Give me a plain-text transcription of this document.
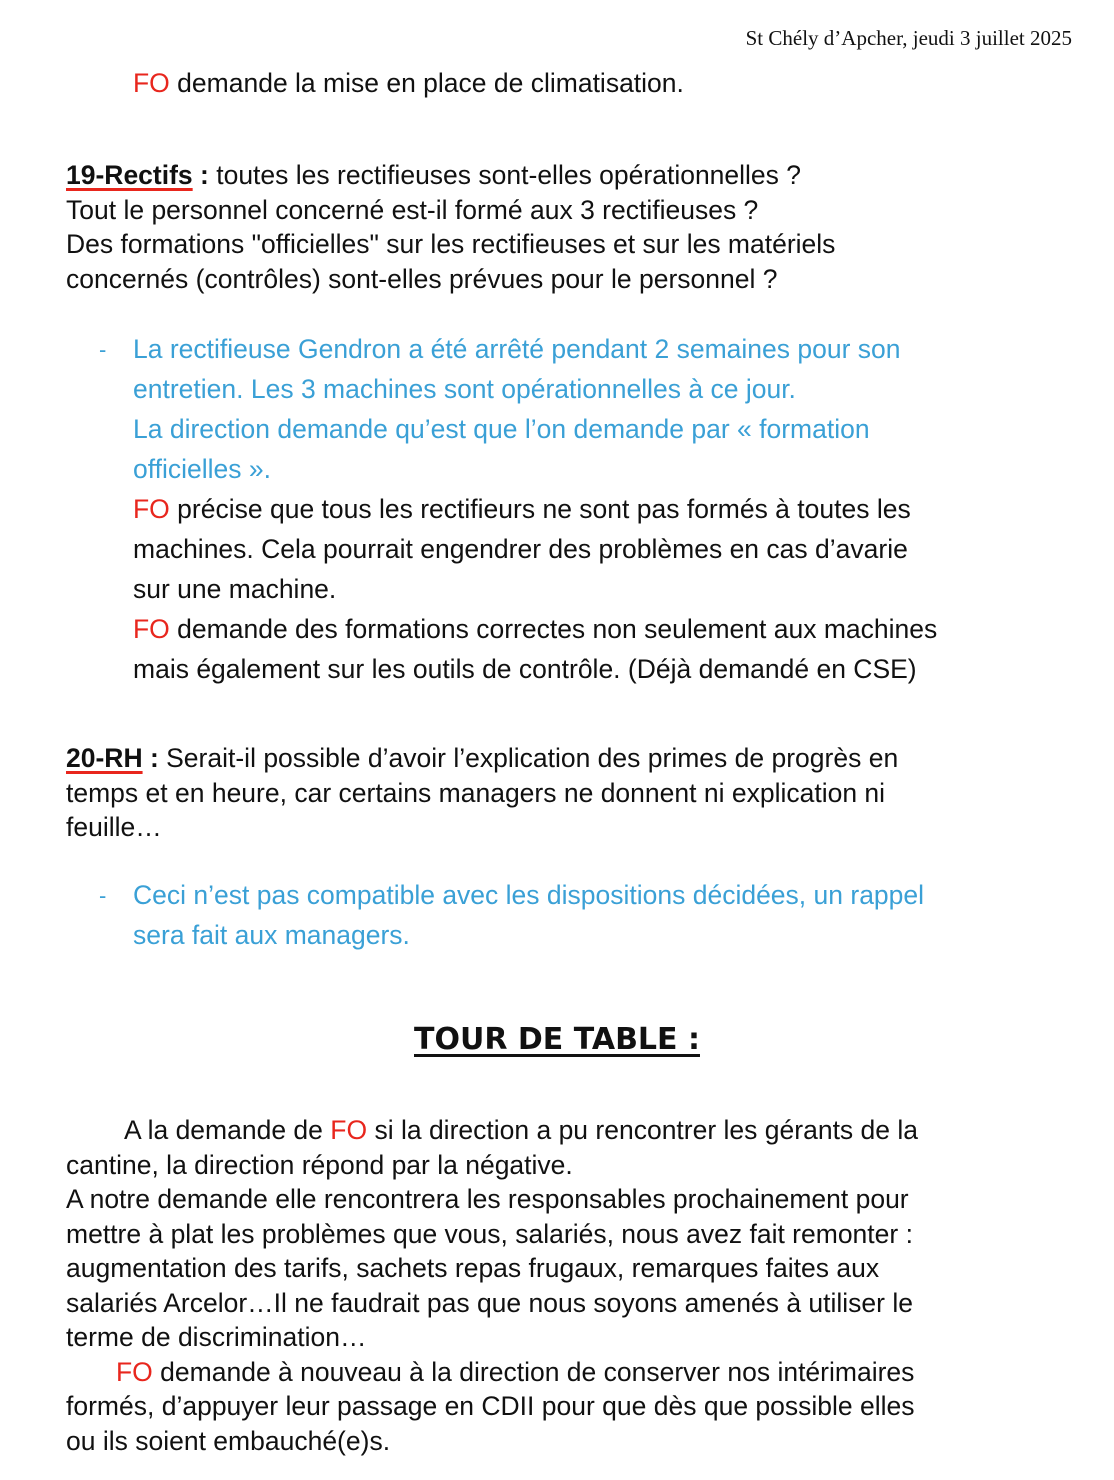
St Chély d’Apcher, jeudi 3 juillet 2025

FO demande la mise en place de climatisation.

19-Rectifs : toutes les rectifieuses sont-elles opérationnelles ?

Tout le personnel concerné est-il formé aux 3 rectifieuses ?

Des formations "officielles" sur les rectifieuses et sur les matériels

concernés (contrôles) sont-elles prévues pour le personnel ?

- La rectifieuse Gendron a été arrêté pendant 2 semaines pour son

entretien. Les 3 machines sont opérationnelles à ce jour.

La direction demande qu’est que l’on demande par « formation

officielles ».

FO précise que tous les rectifieurs ne sont pas formés à toutes les

machines. Cela pourrait engendrer des problèmes en cas d’avarie

sur une machine.

FO demande des formations correctes non seulement aux machines

mais également sur les outils de contrôle. (Déjà demandé en CSE)

20-RH : Serait-il possible d’avoir l’explication des primes de progrès en

temps et en heure, car certains managers ne donnent ni explication ni

feuille…

- Ceci n’est pas compatible avec les dispositions décidées, un rappel

sera fait aux managers.

TOUR DE TABLE :

A la demande de FO si la direction a pu rencontrer les gérants de la

cantine, la direction répond par la négative.

A notre demande elle rencontrera les responsables prochainement pour

mettre à plat les problèmes que vous, salariés, nous avez fait remonter :

augmentation des tarifs, sachets repas frugaux, remarques faites aux

salariés Arcelor…Il ne faudrait pas que nous soyons amenés à utiliser le

terme de discrimination…

FO demande à nouveau à la direction de conserver nos intérimaires

formés, d’appuyer leur passage en CDII pour que dès que possible elles

ou ils soient embauché(e)s.
